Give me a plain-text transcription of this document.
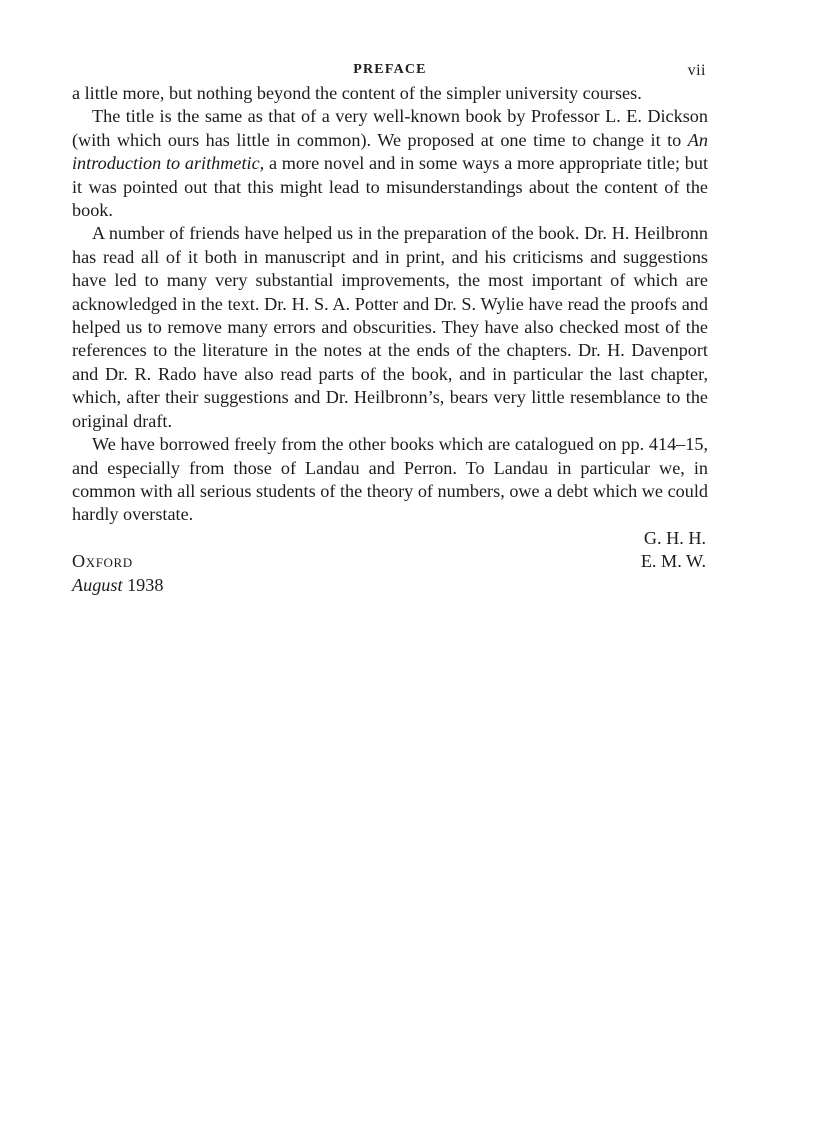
PREFACE	vii

a little more, but nothing beyond the content of the simpler university courses.

The title is the same as that of a very well-known book by Professor L. E. Dickson (with which ours has little in common). We proposed at one time to change it to An introduction to arithmetic, a more novel and in some ways a more appropriate title; but it was pointed out that this might lead to misunderstandings about the content of the book.

A number of friends have helped us in the preparation of the book. Dr. H. Heilbronn has read all of it both in manuscript and in print, and his criticisms and suggestions have led to many very substantial improvements, the most important of which are acknowledged in the text. Dr. H. S. A. Potter and Dr. S. Wylie have read the proofs and helped us to remove many errors and obscurities. They have also checked most of the references to the literature in the notes at the ends of the chapters. Dr. H. Davenport and Dr. R. Rado have also read parts of the book, and in particular the last chapter, which, after their suggestions and Dr. Heilbronn’s, bears very little resemblance to the original draft.

We have borrowed freely from the other books which are catalogued on pp. 414–15, and especially from those of Landau and Perron. To Landau in particular we, in common with all serious students of the theory of numbers, owe a debt which we could hardly overstate.

G. H. H.
E. M. W.
Oxford
August 1938
